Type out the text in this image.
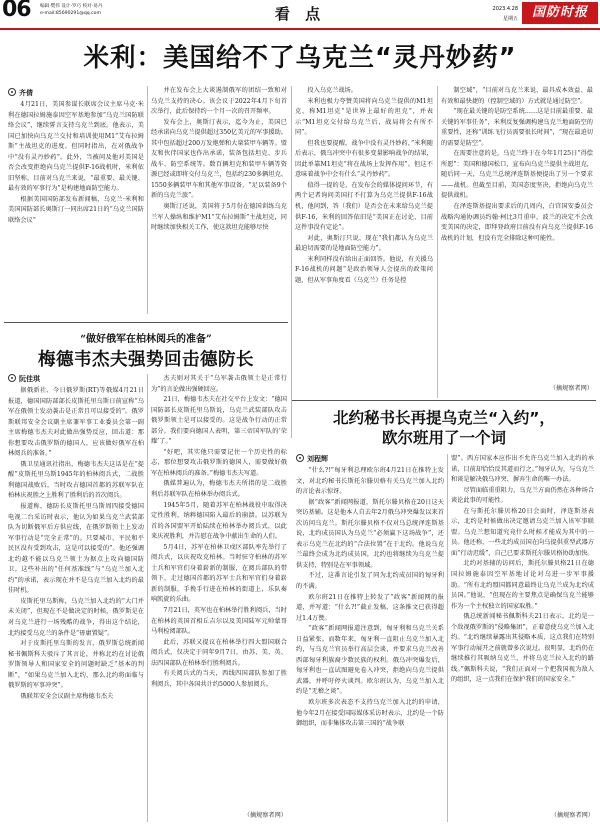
06 编辑·樊伟 设计·罗巧 校对·易丹
e-mail:85690291@qq.com	看 点	2023.4.28
星期五	国防时报
米利：美国给不了乌克兰“灵丹妙药”
齐倩

4月21日，美国参谋长联席会议主席马克·米利在德国拉姆施泰因空军基地参加“乌克兰国防联络会议”，继续誓言支持乌克兰到底。他表示，美国已加快向乌克兰交付和培训使用M1“艾布拉姆斯”主战坦克的进度。但同时指出，在对俄战争中“没有灵丹妙药”。此外，当被问及他对美国是否会改变拒绝向乌克兰提供F-16战机时，米利依旧坚称，目前对乌克兰来说，“最重要、最关键、最有效的军事行为”是构建地面防空能力。

根据美国国防部发布新闻稿，乌克兰·米利和美国国防部长奥斯汀一同出席21日的“乌克兰国防联络会议”

并在发布会上大谈遏制俄军的团结一致和对乌克兰支持的决心。该会议于2022年4月下旬首次举行，此后保持约一个月一次的召开频率。

发布会上，奥斯汀表示，迄今为止，美国已经承诺向乌克兰提供超过350亿美元的军事援助。其中包括超过200万发炮弹和大量装甲车辆等。盟友和伙伴国家也作出承诺，装备包括坦克、步兵战车、防空系统等。数百辆坦克和装甲车辆等资源已经或即将交付乌克兰，包括约230多辆坦克、1550多辆装甲车和其他军事设备，“足以装备9个新的乌克兰旅”。

奥斯汀还说，美国将于5月份在德国训练乌克兰军人操纵和维护M1“艾布拉姆斯”主战坦克，同时继续加快相关工作，使这款坦克能够尽快

投入乌克兰战场。

米利也极力夸赞美国将向乌克兰提供的M1坦克，称M1坦克“是世界上最好的坦克”，并表示“M1坦克交付给乌克兰后，战局将会有所不同”。

但我也要提醒，战争中没有灵丹妙药，”米利随后表示，俄乌冲突中有很多变量影响战争的结果，因此单靠M1坦克“将在战场上发挥作用”。但这不意味着战争中会有什么“灵丹妙药”。

值得一提的是，在发布会的媒体提问环节，有两个记者询问美国打不打算为乌克兰提供F-16战机，他问到，答（我们）是否会在未来给乌克兰提供F-16，米利的回答依旧是“美国正在讨论，目前这件事没有定论”。

对此，奥斯汀只说，现在“我们都认为乌克兰最迫切需要的是地面防空能力”。

米利同样没有给出正面回答。他说，有关援乌F-16战机的问题“是政治领导人会提出的政策问题，但从军事角度看（乌克兰）任务是控

制空域”，“目前对乌克兰来说，最具成本效益、最有效和最快捷的（控制空域的）方式就是通过防空”。

“现在最关键的是防空系统……这是目前最重要、最关键的军事任务”，米利反复强调构建乌克兰地面防空的重要性，还称“训练飞行员需要很长时间”，“现在最迫切的需要是防空”。

在需要注意的是，乌克兰终于在今年1月25日“得偿所愿”：美国和德国松口，宣布向乌克兰提供主战坦克，随后同一天，乌克兰总统泽连斯基便提出了另一个要求——战机。但截至目前，美国态度坚决，拒绝向乌克兰提供战机。

在泽连斯基提出要求后的几周内，白宫国安委员会战略沟通协调员约翰·柯比3月重申，波兰的决定不会改变美国的决定，即拜登政府目前没有向乌克兰提供F-16战机的计划，但没有完全排除这种可能性。

（摘规察者网）
“做好俄军在柏林阅兵的准备”
梅德韦杰夫强势回击德防长
阮佳琪

据俄新社、今日俄罗斯(RT)等俄媒4月21日报道，德国国防部部长皮斯托里乌斯日前宣称“乌军在俄领土发动袭击是正常且可以接受的”。俄罗斯联邦安全会议副主席兼军事工业委员会第一副主席梅德韦杰夫对此做出强势反应，回击道：那你想要攻击俄罗斯的德国人，应该做好俄军在柏林阅兵的准备。”

俄卫星通讯社指出，梅德韦杰夫这话是在“提醒”皮斯托里乌斯1945年的柏林阅兵式，二战胜利德国战败后，当时攻占德国首都的苏联军队在柏林庆祝胜之上胜利了胜利后的首次阅兵。

报道称，德防长皮斯托里乌斯周四接受德国电视二台采访时表示，他认为如果乌克兰武装部队为切断俄军后方供应线，在俄罗斯领土上发动军事行动是“完全正常”的。只要城市、平民和平民区没有受到攻击，这是可以接受的”。他还强调北约越不能以乌克兰领土为据点上攻向德国防卫。这些补出的“任何基准线”与“乌克兰加入北约”的承诺，表示现在并不是乌克兰加入北约的最佳时机。

皮斯托里乌斯称，乌克兰加入北约的“大门并未关闭”，但现在不是做决定的时候，俄罗斯是在对乌克兰进行一场残酷的战争，得出这个结论，北约接受乌克兰的条件是“毋庸置疑”。

对于皮斯托里乌斯的发言，俄罗斯总统新闻秘书佩斯科夫驳斥了其言论，并称北约在讨论俄罗斯领导人和国家安全的问题时缺乏“基本的判断”，“如果乌克兰加入北约，那么北约将面临与俄罗斯的军事冲突”。

俄联邦安全会议副主席梅德韦杰夫

杰夫则对其关于“乌军袭击俄领土是正常行为”的言论做出强硬回应。

21日，梅德韦杰夫在社交平台上发文：“德国国防部长皮斯托里乌斯说，乌克兰武装部队攻击俄罗斯领土是可以接受的。这是战争行动的正常部分。我们要向德国人表明，第三帝国军队的‘荣耀’了。”

“好吧，其实他只需要记住一个历史性的标志，那位想要攻击俄罗斯的德国人，需要做好俄军在柏林阅兵的准备。”梅德韦杰夫写道。

俄媒普遍认为，梅德韦杰夫所指的是二战胜利后苏联军队在柏林举办阅兵式。

1945年5月，随着苏军在柏林战役中取得决定性胜利，纳粹德国陷入最后的崩溃。以苏联为首的各国盟军开始陆续在柏林举办阅兵式，以此来庆祝胜利，并告慰在战争中献出生命的人们。

5月4日，苏军在柏林卫戍区部队率先举行了阅兵式，以庆祝攻克柏林。当时驻守柏林的苏军士兵和军官们身着崭新的制服，在阅兵部队的带领下，走过德国首都的苏军士兵和军官们身着崭新的制服，手挽手行进在柏林的街道上，乐队奏响凯旋的乐曲。

7月21日，英军也在柏林举行胜利阅兵，当时在柏林的英国首相丘吉尔以及美国陆军元帅蒙哥马利检阅部队。

此后，苏联又提议在柏林举行四大盟国联合阅兵式，仅决定于同年9月7日，由苏、美、英、法四国部队在柏林举行胜利阅兵。

有关阅兵式的当天，西线四国部队参加了胜利阅兵，其中各国共计约5000人参加阅兵。

（摘规察者网）
北约秘书长再提乌克兰“入约”，
欧尔班用了一个词
刘程辉

“什么?!”匈牙利总理欧尔班4月21日在推特上发文，对北约秘书长斯托尔滕贝格有关乌克兰加入北约的言论表示惊讶。

据“政客”新闻网报道，斯托尔滕贝格在20日这天突访基辅。这是他本人自去年2月俄乌冲突爆发以来首次访问乌克兰。斯托尔滕贝格不仅对乌总统泽连斯基说，北约成员国认为乌克兰“必须赢下这场战争”，还表示乌克兰在北约的“合法位置”在于北约。他说乌克兰最终会成为北约成员国，北约也将继续为乌克兰提供支持，特别是在军事领域。

不过，这番言论引发了同为北约成员国的匈牙利的不满。

欧尔班21日在推特上转发了“政客”新闻网的报道，并写道：“什么?!”截止发稿，这条推文已获得超过1.4万赞。

“政客”新闻网报道注意到，匈牙利和乌克兰关系日益紧张。而数年来，匈牙利一直阻止乌克兰加入北约，与乌克兰官员举行高层会谈，并要求乌克兰改善西部匈牙利族裔少数民族的权利。俄乌冲突爆发后，匈牙利也一直试图避免卷入冲突，拒绝向乌克兰提供武器，并呼吁停火谈判。欧尔班认为，乌克兰加入北约是“无稽之谈”。

欧尔班多次表态不支持乌克兰加入北约的申请，他今年2月在接受国际媒体采访时表示，北约是一个防御组织，而非集体攻击第三国的“战争联

盟”。西方国家本应作出不允许乌克兰加入北约的承诺，目前却恰恰反其道而行之。”匈牙认为，与乌克兰和谈是解决俄乌冲突、摒弃生命的唯一办法。

尽管面临重重阻力，乌克兰方面仍然在各种场合谈论此事的可能性。

在与斯托尔滕贝格20日会面时，泽连斯基表示，北约是时候做出决定邀请乌克兰加入该军事联盟。乌克兰想知道究竟什么时候才能成为其中的一员。他还称，一些北约成员国在向乌提供重型武器方面“行动迟缓”，自己已要求斯托尔滕贝格协助加快。

北约对基辅的访问后，斯托尔滕贝格21日在德国拉姆施泰因空军基地讨论对乌进一步军事援助。“所有北约盟国都同意最终让乌克兰成为北约成员国。”他说，“但现在的主要焦点是确保乌克兰能够作为一个主权独立的国家取胜。”

俄总统新闻秘书佩斯科夫21日表示，北约是一个敌视俄罗斯的“侵略集团”，正着意使乌克兰加入北约。“北约继续暴露出其侵略本质，这点我们在特别军事行动展开之前就曾多次说过。很明显，北约仍在继续推行其吸纳乌克兰，并将乌克兰拉入北约的路线。”佩斯科夫说，“我们正面对一个把我国视为敌人的组织，这一点我们在保护我们的国家安全。”

（摘规察者网）
